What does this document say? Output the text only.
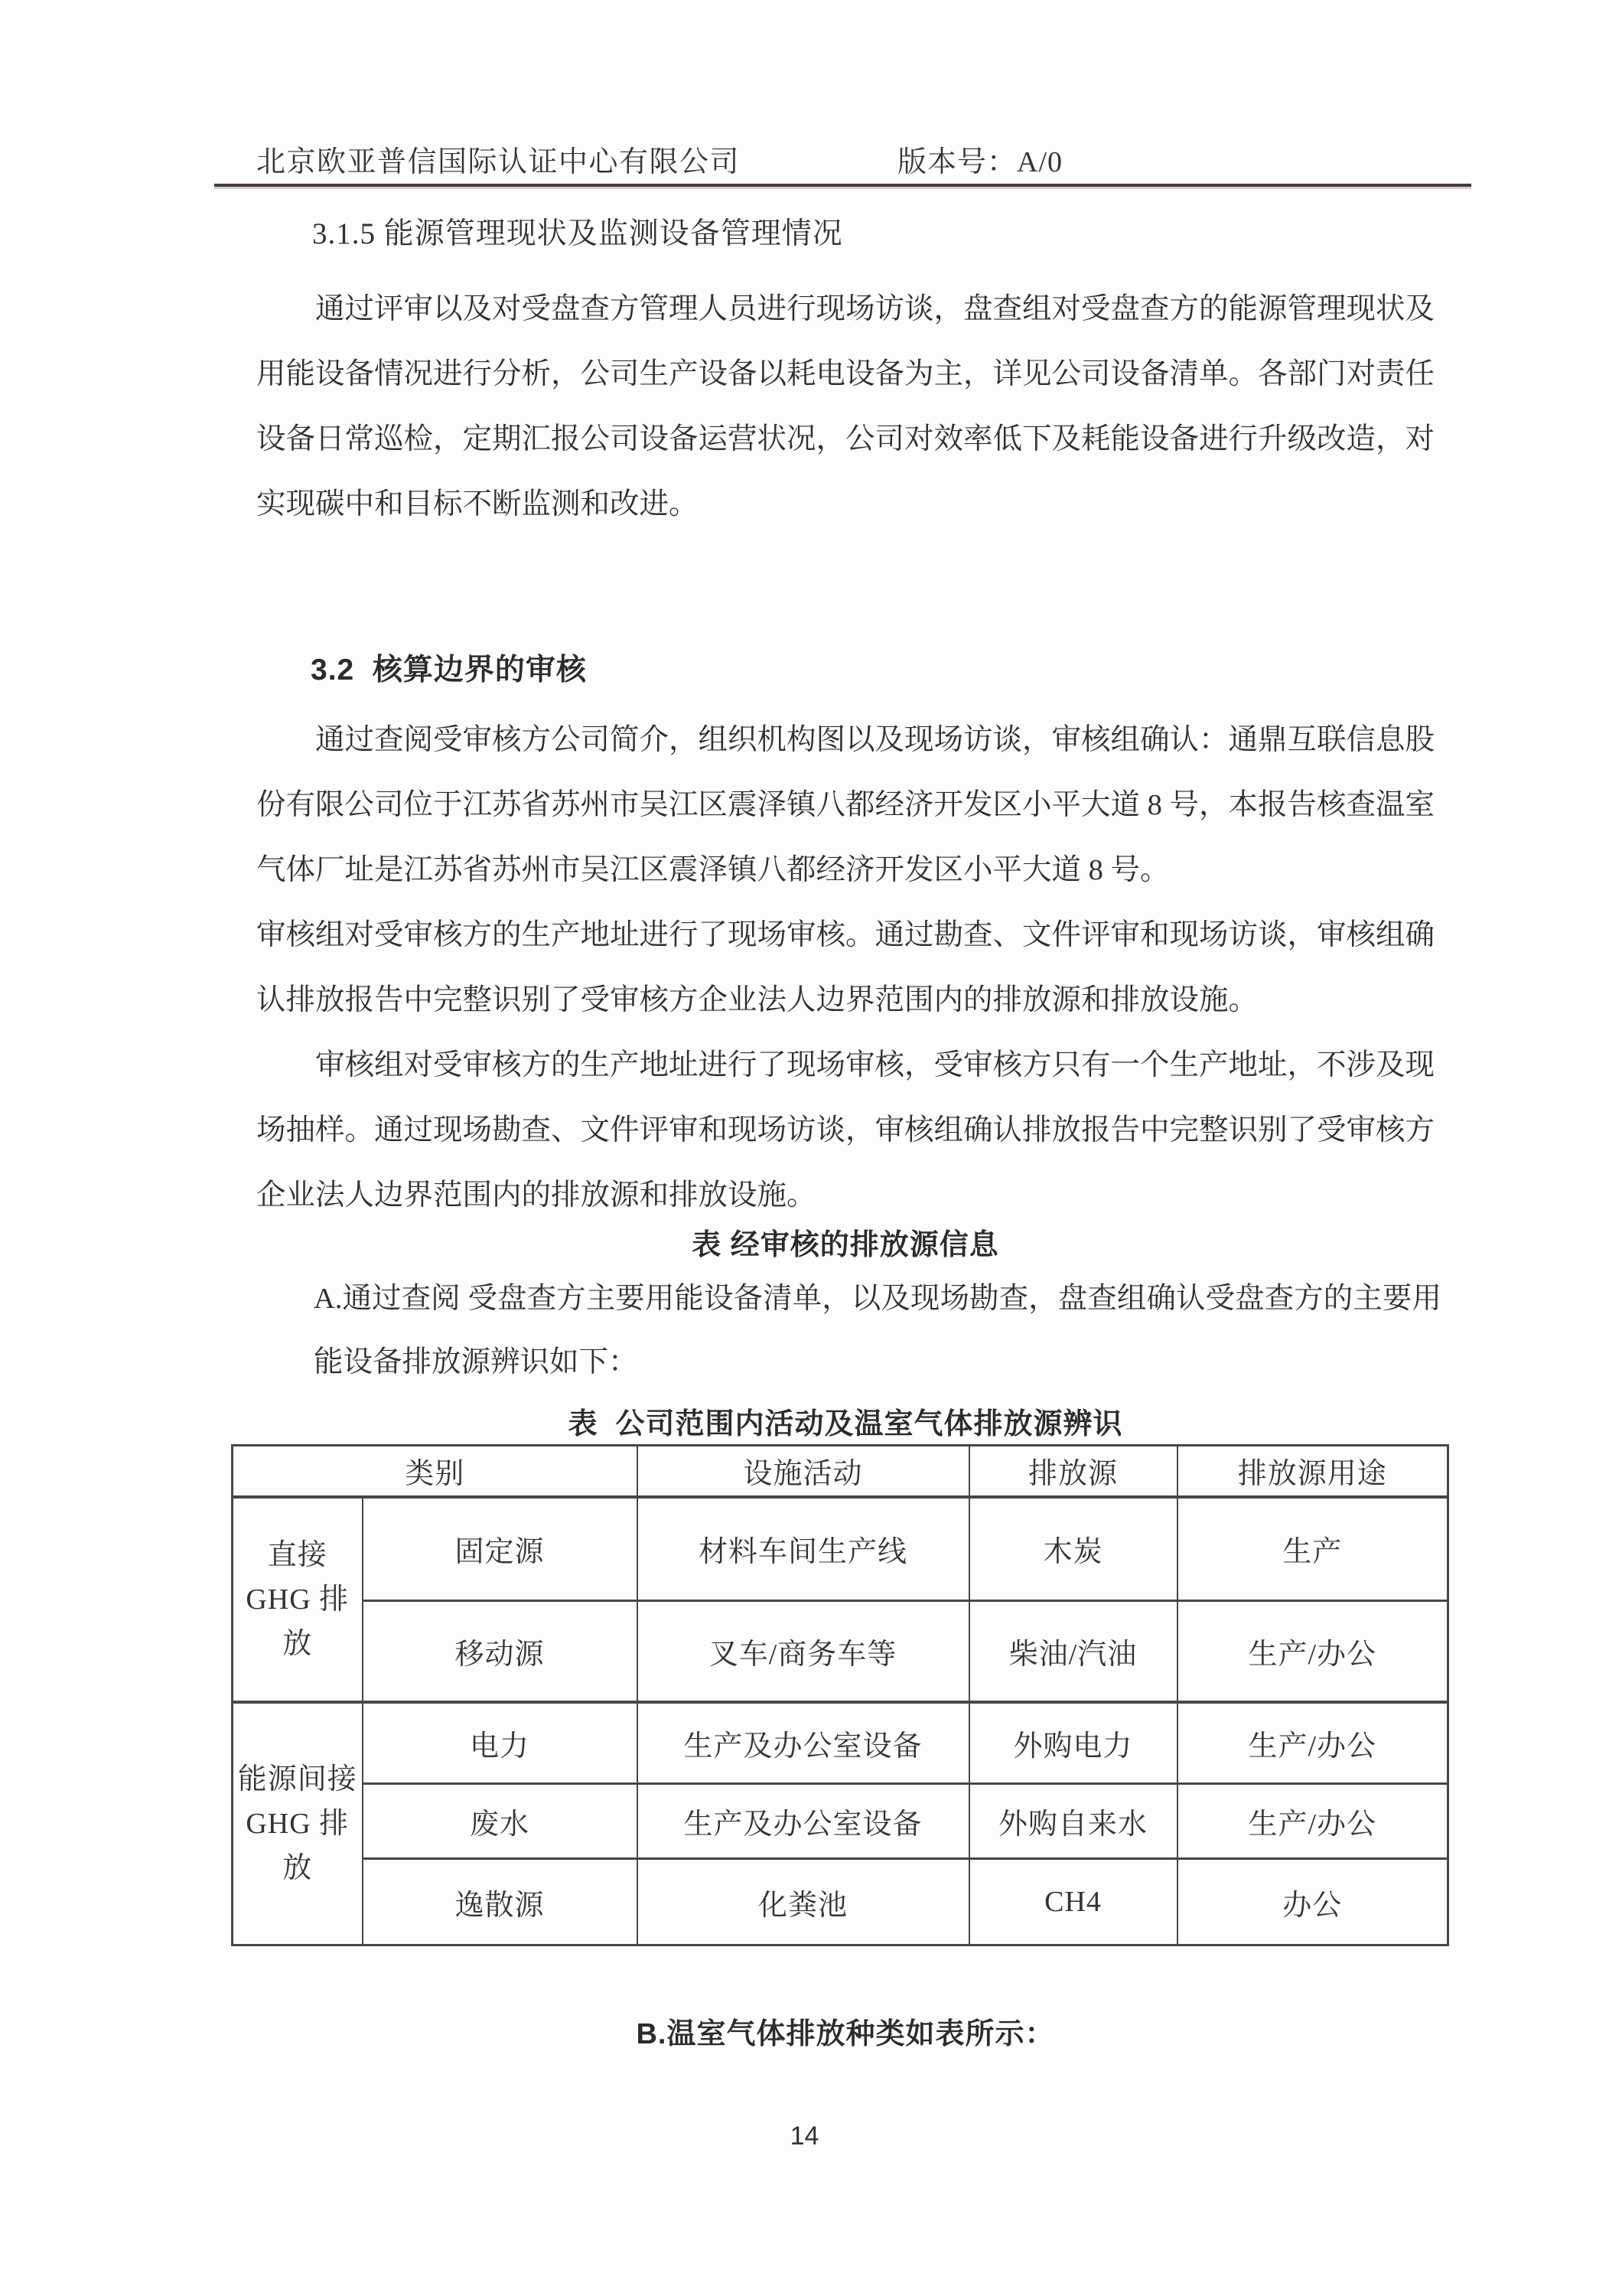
北京欧亚普信国际认证中心有限公司	版本号：A/0
3.1.5 能源管理现状及监测设备管理情况

通过评审以及对受盘查方管理人员进行现场访谈，盘查组对受盘查方的能源管理现状及用能设备情况进行分析，公司生产设备以耗电设备为主，详见公司设备清单。各部门对责任设备日常巡检，定期汇报公司设备运营状况，公司对效率低下及耗能设备进行升级改造，对实现碳中和目标不断监测和改进。

3.2  核算边界的审核

通过查阅受审核方公司简介，组织机构图以及现场访谈，审核组确认：通鼎互联信息股份有限公司位于江苏省苏州市吴江区震泽镇八都经济开发区小平大道 8 号，本报告核查温室气体厂址是江苏省苏州市吴江区震泽镇八都经济开发区小平大道 8 号。

审核组对受审核方的生产地址进行了现场审核。通过勘查、文件评审和现场访谈，审核组确认排放报告中完整识别了受审核方企业法人边界范围内的排放源和排放设施。

审核组对受审核方的生产地址进行了现场审核，受审核方只有一个生产地址，不涉及现场抽样。通过现场勘查、文件评审和现场访谈，审核组确认排放报告中完整识别了受审核方企业法人边界范围内的排放源和排放设施。

表 经审核的排放源信息
A.通过查阅 受盘查方主要用能设备清单，以及现场勘查，盘查组确认受盘查方的主要用能设备排放源辨识如下：
表  公司范围内活动及温室气体排放源辨识
类别		设施活动	排放源	排放源用途

直接
GHG 排放	固定源	材料车间生产线	木炭	生产
	移动源	叉车/商务车等	柴油/汽油	生产/办公

能源间接
GHG 排放	电力	生产及办公室设备	外购电力	生产/办公
	废水	生产及办公室设备	外购自来水	生产/办公
	逸散源	化粪池	CH4	办公
B.温室气体排放种类如表所示：
14
